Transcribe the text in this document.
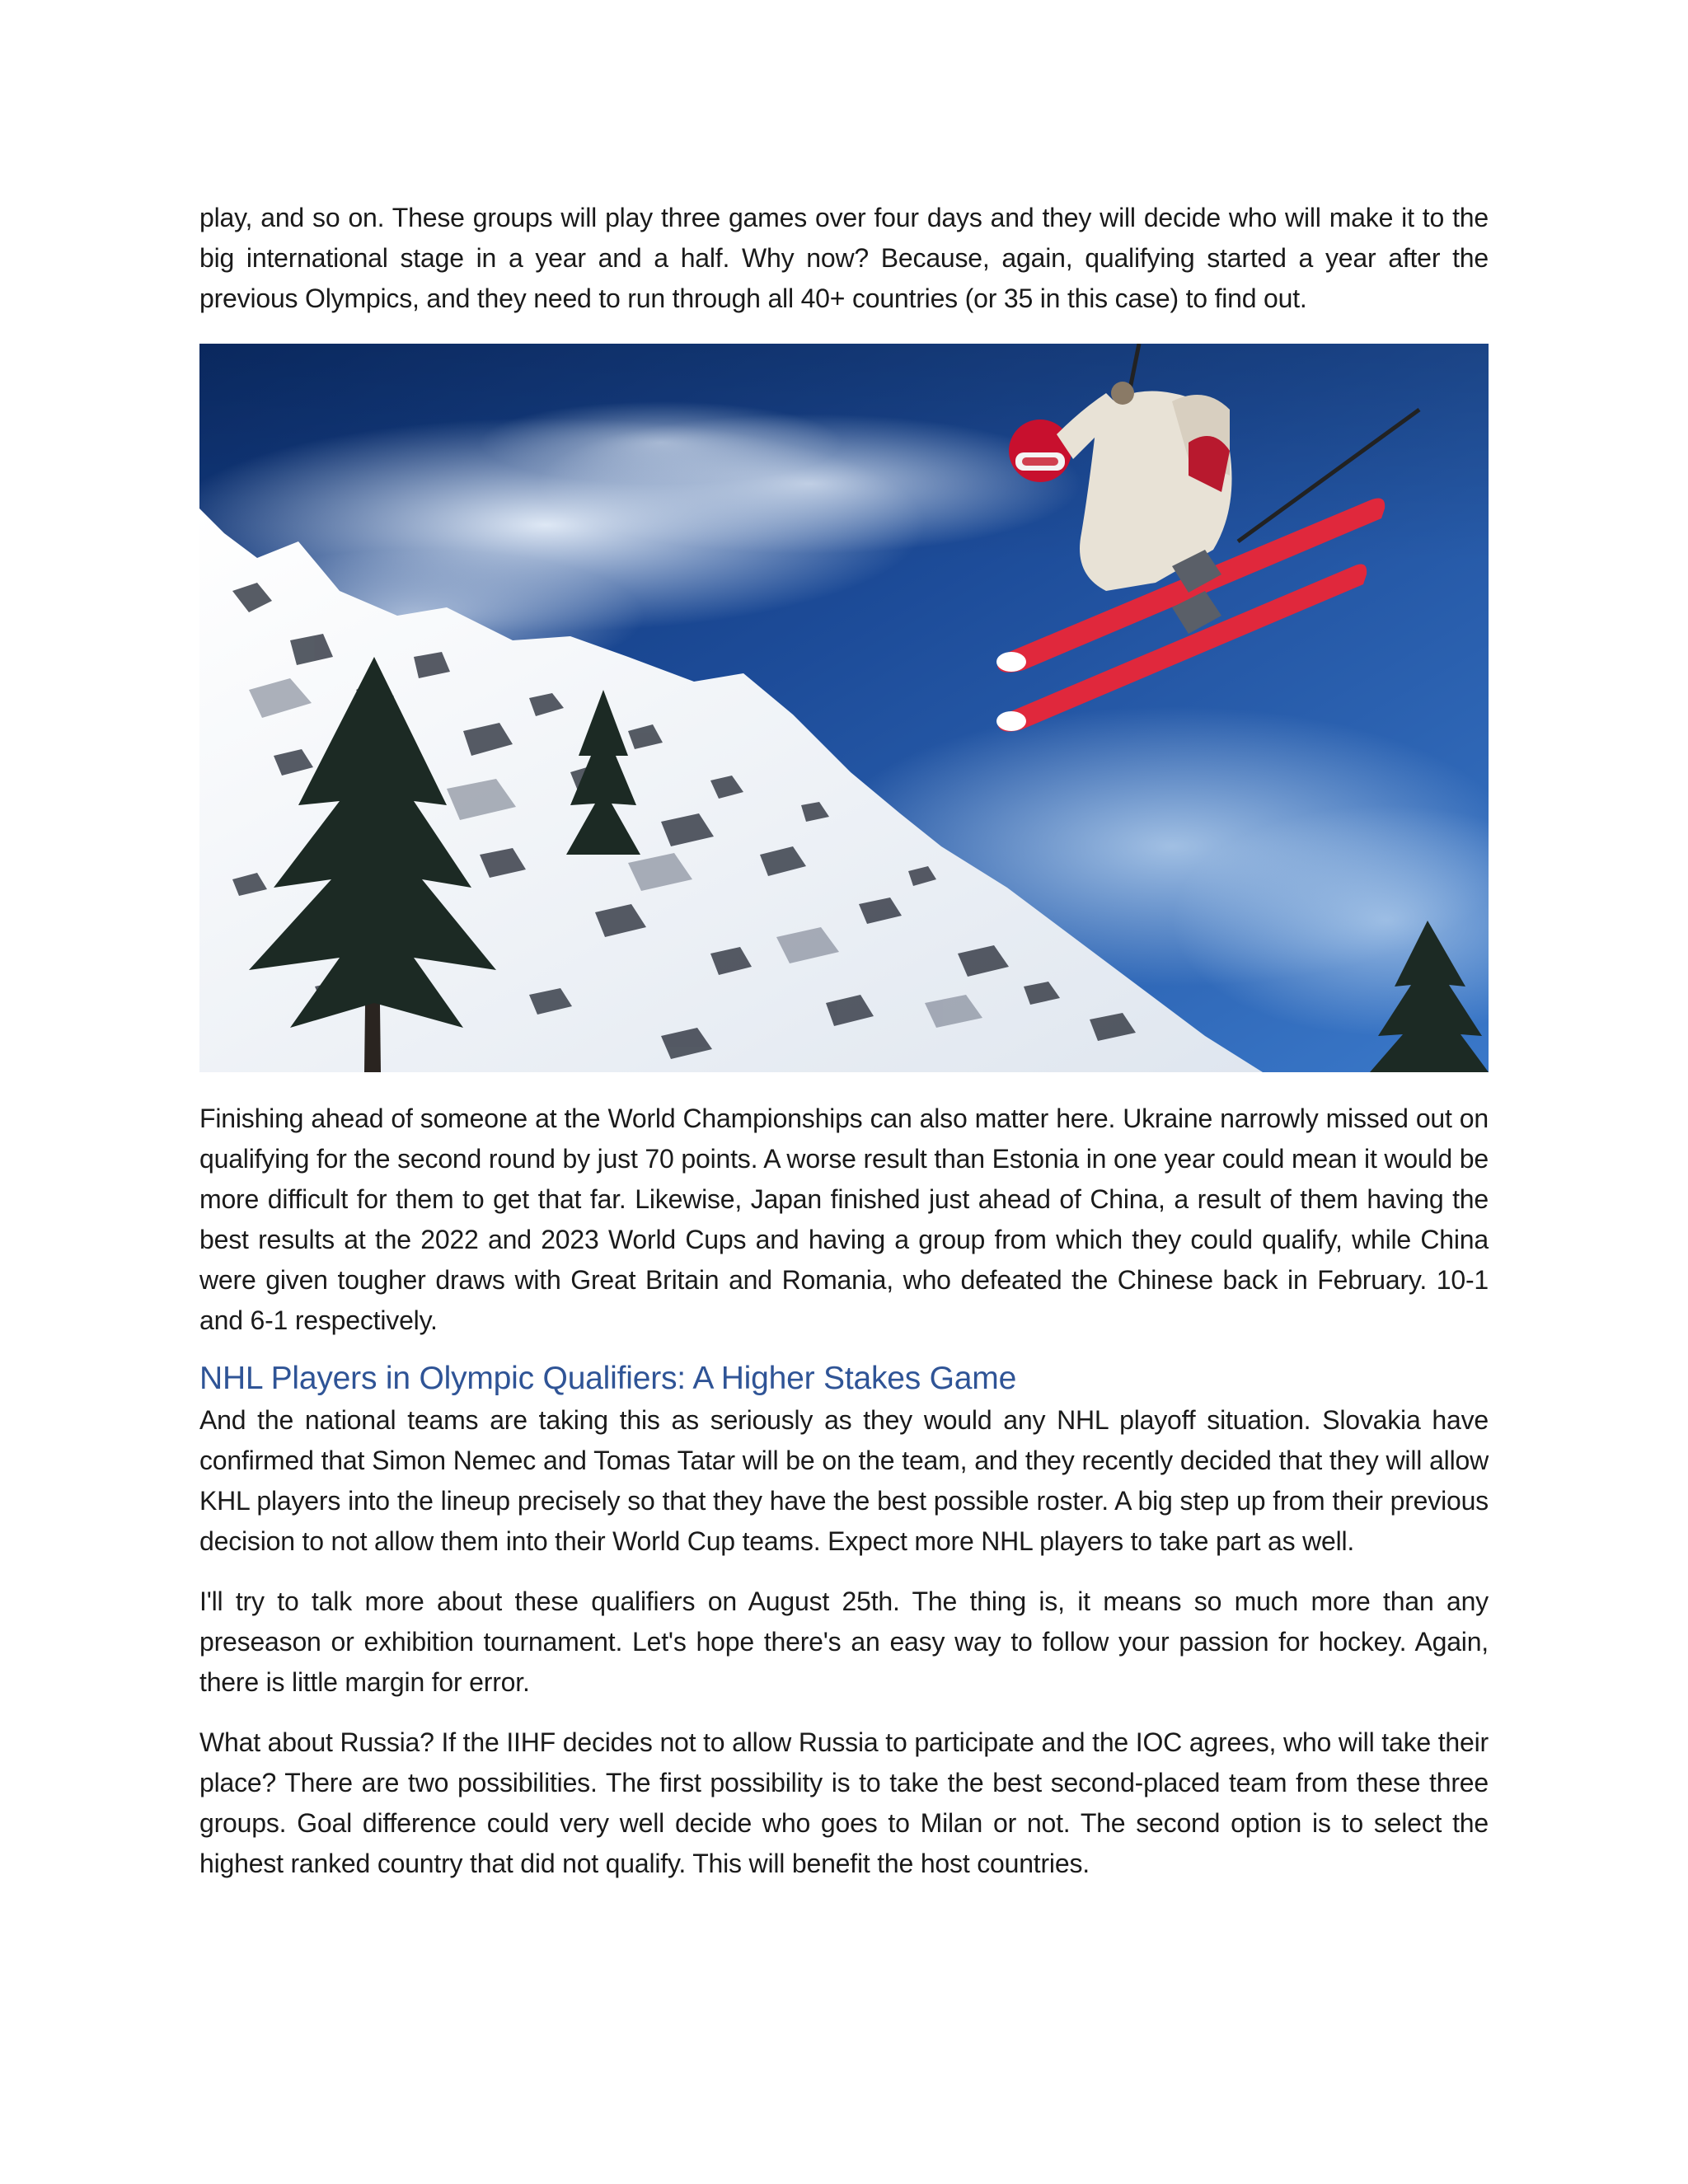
play, and so on. These groups will play three games over four days and they will decide who will make it to the big international stage in a year and a half. Why now? Because, again, qualifying started a year after the previous Olympics, and they need to run through all 40+ countries (or 35 in this case) to find out.

Finishing ahead of someone at the World Championships can also matter here. Ukraine narrowly missed out on qualifying for the second round by just 70 points. A worse result than Estonia in one year could mean it would be more difficult for them to get that far. Likewise, Japan finished just ahead of China, a result of them having the best results at the 2022 and 2023 World Cups and having a group from which they could qualify, while China were given tougher draws with Great Britain and Romania, who defeated the Chinese back in February. 10-1 and 6-1 respectively.

NHL Players in Olympic Qualifiers: A Higher Stakes Game

And the national teams are taking this as seriously as they would any NHL playoff situation. Slovakia have confirmed that Simon Nemec and Tomas Tatar will be on the team, and they recently decided that they will allow KHL players into the lineup precisely so that they have the best possible roster. A big step up from their previous decision to not allow them into their World Cup teams. Expect more NHL players to take part as well.

I'll try to talk more about these qualifiers on August 25th. The thing is, it means so much more than any preseason or exhibition tournament. Let's hope there's an easy way to follow your passion for hockey. Again, there is little margin for error.

What about Russia? If the IIHF decides not to allow Russia to participate and the IOC agrees, who will take their place? There are two possibilities. The first possibility is to take the best second-placed team from these three groups. Goal difference could very well decide who goes to Milan or not. The second option is to select the highest ranked country that did not qualify. This will benefit the host countries.
